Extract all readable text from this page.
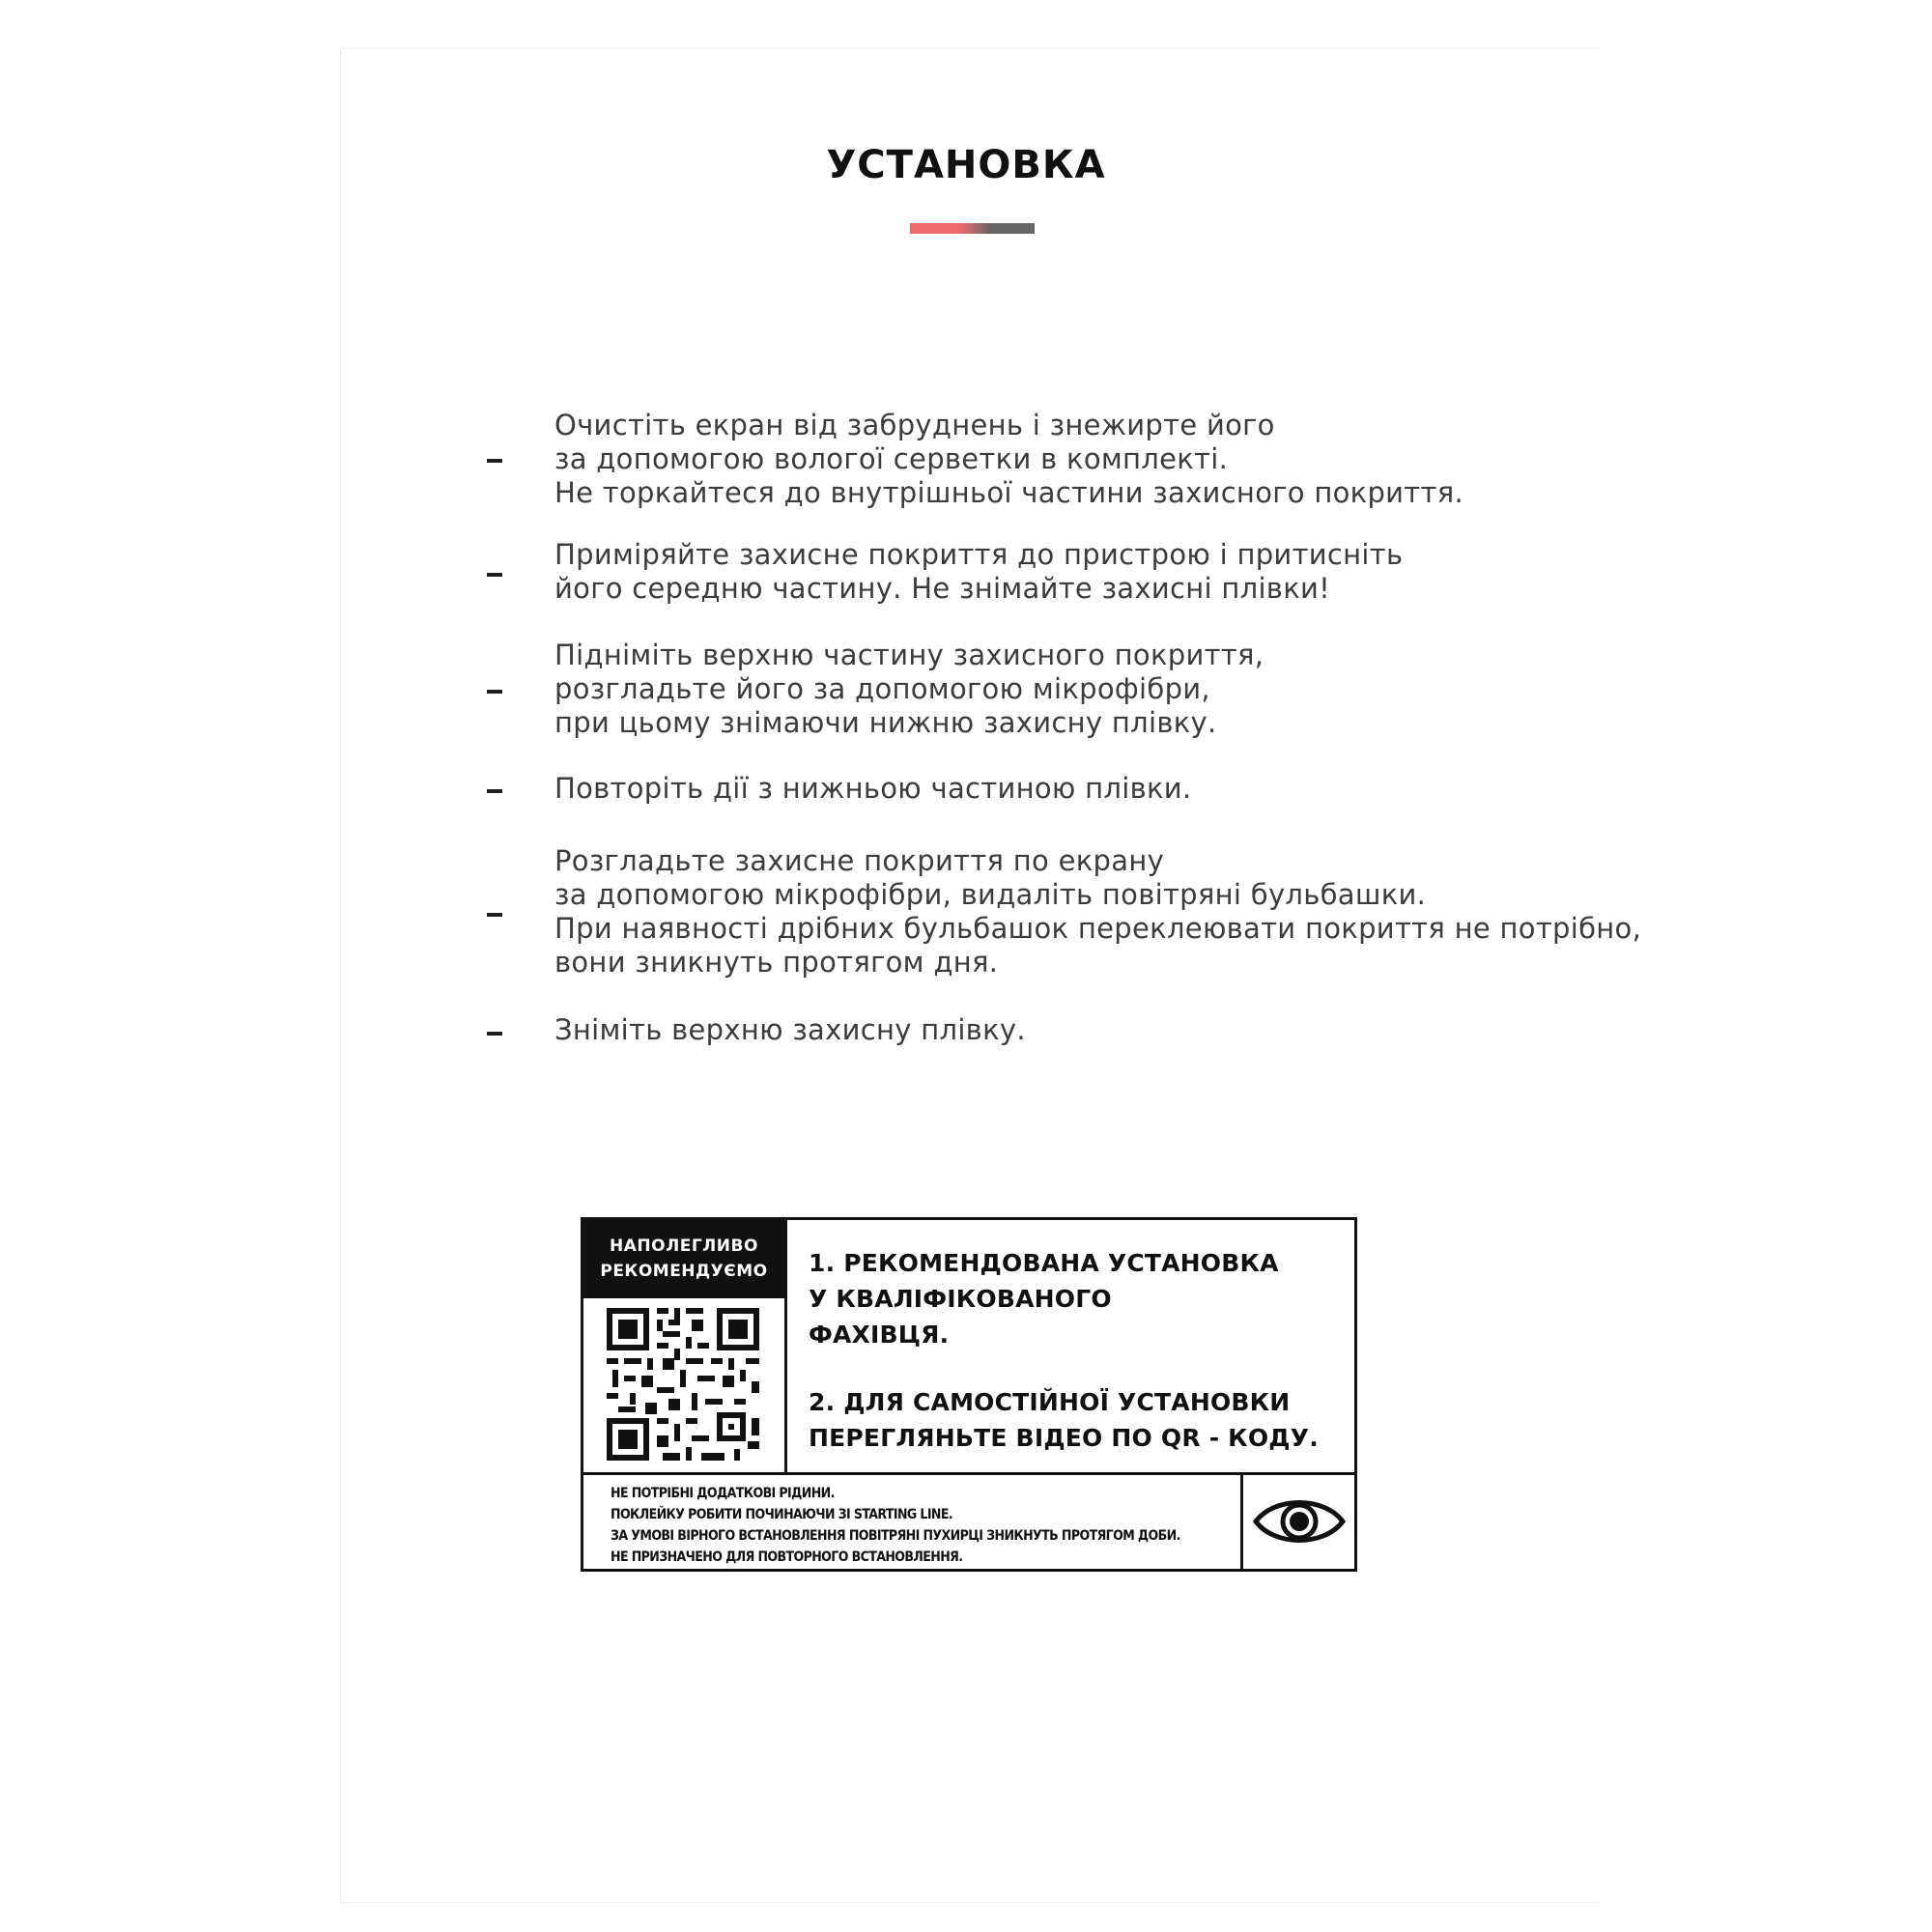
УСТАНОВКА

Очистіть екран від забруднень і знежирте його
за допомогою вологої серветки в комплекті.
Не торкайтеся до внутрішньої частини захисного покриття.

Приміряйте захисне покриття до пристрою і притисніть
його середню частину. Не знімайте захисні плівки!

Підніміть верхню частину захисного покриття,
розгладьте його за допомогою мікрофібри,
при цьому знімаючи нижню захисну плівку.

Повторіть дії з нижньою частиною плівки.

Розгладьте захисне покриття по екрану
за допомогою мікрофібри, видаліть повітряні бульбашки.
При наявності дрібних бульбашок переклеювати покриття не потрібно,
вони зникнуть протягом дня.

Зніміть верхню захисну плівку.

НАПОЛЕГЛИВО
РЕКОМЕНДУЄМО	1. РЕКОМЕНДОВАНА УСТАНОВКА
У КВАЛІФІКОВАНОГО
ФАХІВЦЯ.

2. ДЛЯ САМОСТІЙНОЇ УСТАНОВКИ
ПЕРЕГЛЯНЬТЕ ВІДЕО ПО QR - КОДУ.

НЕ ПОТРІБНІ ДОДАТКОВІ РІДИНИ.
ПОКЛЕЙКУ РОБИТИ ПОЧИНАЮЧИ ЗІ STARTING LINE.
ЗА УМОВІ ВІРНОГО ВСТАНОВЛЕННЯ ПОВІТРЯНІ ПУХИРЦІ ЗНИКНУТЬ ПРОТЯГОМ ДОБИ.
НЕ ПРИЗНАЧЕНО ДЛЯ ПОВТОРНОГО ВСТАНОВЛЕННЯ.
